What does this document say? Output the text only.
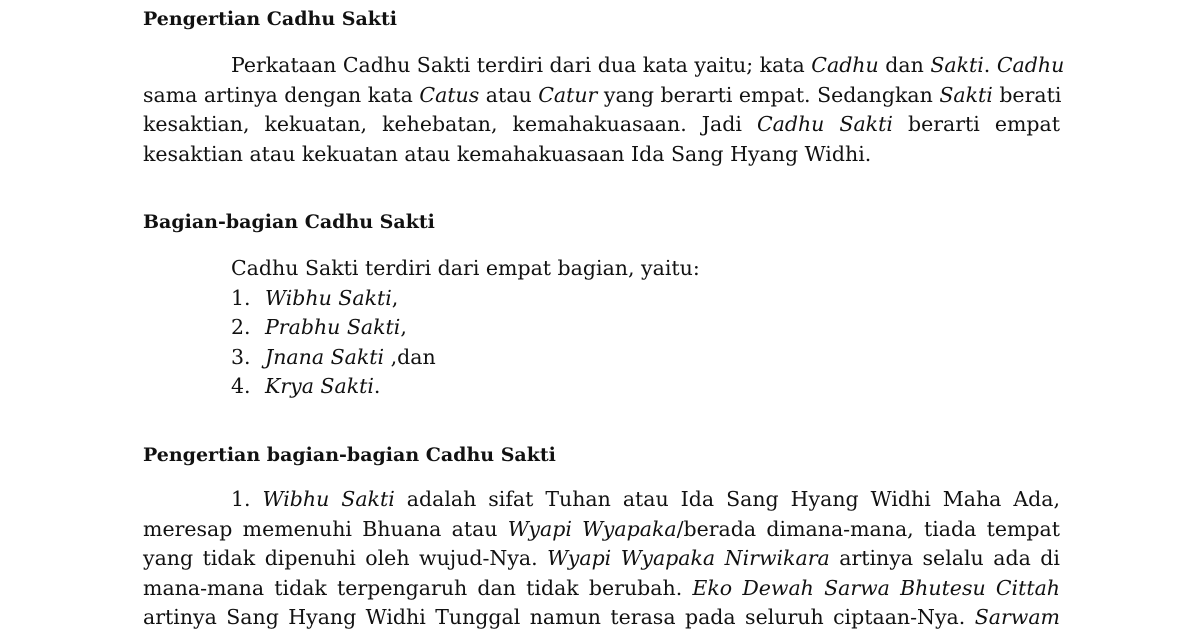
Pengertian Cadhu Sakti
Perkataan Cadhu Sakti terdiri dari dua kata yaitu; kata Cadhu dan Sakti. Cadhu
sama artinya dengan kata Catus atau Catur yang berarti empat. Sedangkan Sakti berati
kesaktian, kekuatan, kehebatan, kemahakuasaan. Jadi Cadhu Sakti berarti empat
kesaktian atau kekuatan atau kemahakuasaan Ida Sang Hyang Widhi.
Bagian-bagian Cadhu Sakti
Cadhu Sakti terdiri dari empat bagian, yaitu:
1. Wibhu Sakti,
2. Prabhu Sakti,
3. Jnana Sakti ,dan
4. Krya Sakti.
Pengertian bagian-bagian Cadhu Sakti
1. Wibhu Sakti adalah sifat Tuhan atau Ida Sang Hyang Widhi Maha Ada,
meresap memenuhi Bhuana atau Wyapi Wyapaka/berada dimana-mana, tiada tempat
yang tidak dipenuhi oleh wujud-Nya. Wyapi Wyapaka Nirwikara artinya selalu ada di
mana-mana tidak terpengaruh dan tidak berubah. Eko Dewah Sarwa Bhutesu Cittah
artinya Sang Hyang Widhi Tunggal namun terasa pada seluruh ciptaan-Nya. Sarwam
